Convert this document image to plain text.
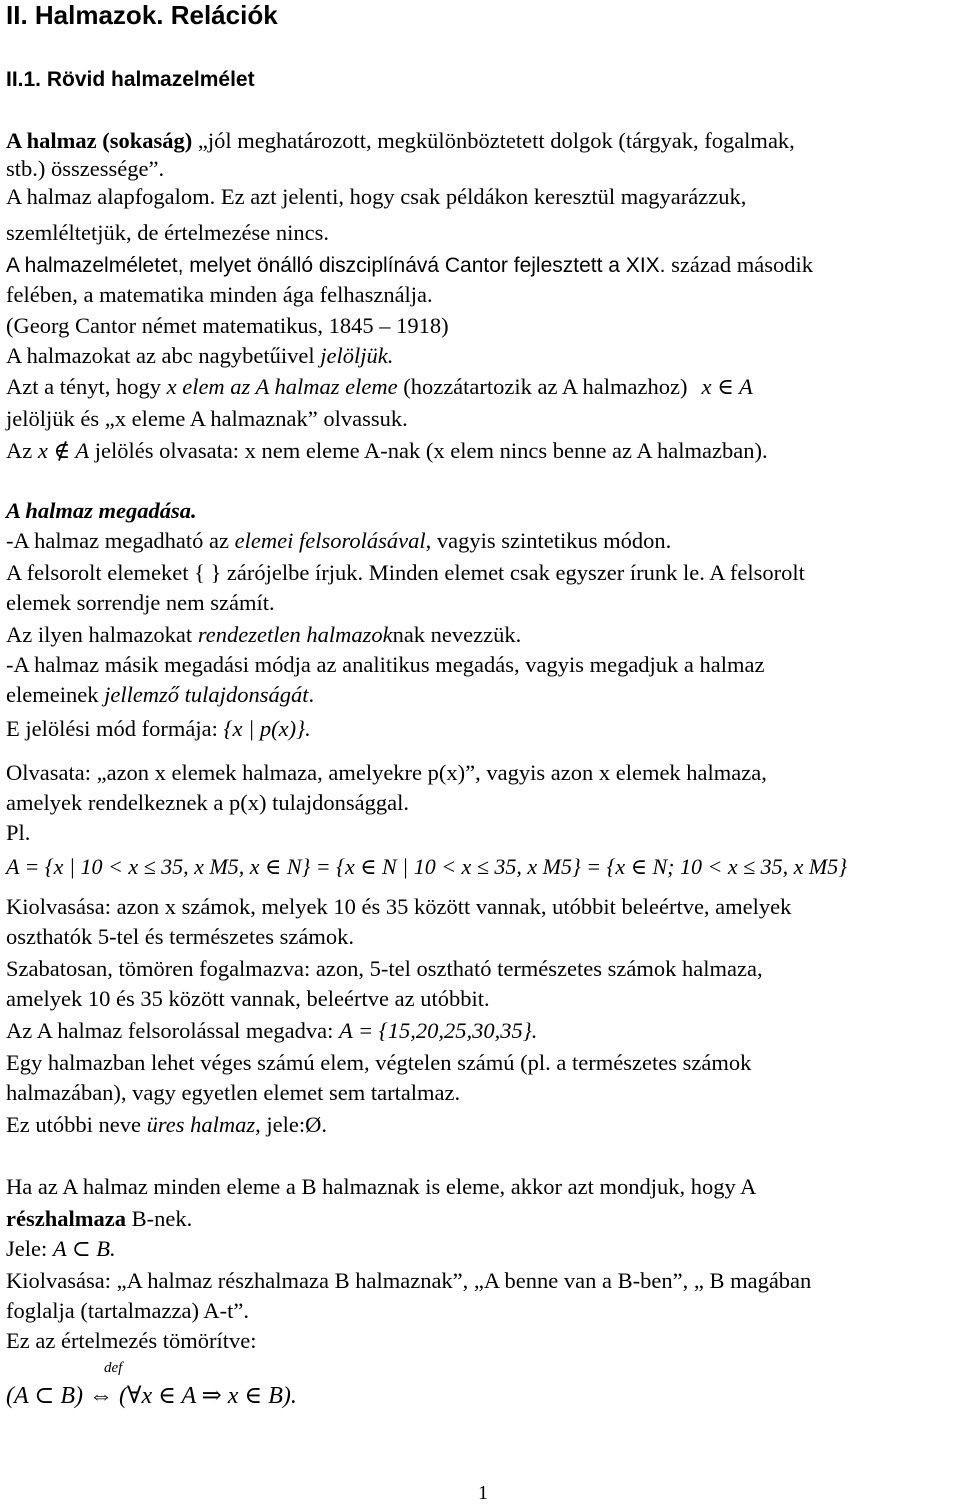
II. Halmazok. Relációk
II.1. Rövid halmazelmélet
A halmaz (sokaság) „jól meghatározott, megkülönböztetett dolgok (tárgyak, fogalmak,
stb.) összessége”.
A halmaz alapfogalom. Ez azt jelenti, hogy csak példákon keresztül magyarázzuk,
szemléltetjük, de értelmezése nincs.
A halmazelméletet, melyet önálló diszciplínává Cantor fejlesztett a XIX. század második
felében, a matematika minden ága felhasználja.
(Georg Cantor német matematikus, 1845 – 1918)
A halmazokat az abc nagybetűivel jelöljük.
Azt a tényt, hogy x elem az A halmaz eleme (hozzátartozik az A halmazhoz) x ∈ A
jelöljük és „x eleme A halmaznak” olvassuk.
Az x ∉ A jelölés olvasata: x nem eleme A-nak (x elem nincs benne az A halmazban).
A halmaz megadása.
-A halmaz megadható az elemei felsorolásával, vagyis szintetikus módon.
A felsorolt elemeket { } zárójelbe írjuk. Minden elemet csak egyszer írunk le. A felsorolt
elemek sorrendje nem számít.
Az ilyen halmazokat rendezetlen halmazoknak nevezzük.
-A halmaz másik megadási módja az analitikus megadás, vagyis megadjuk a halmaz
elemeinek jellemző tulajdonságát.
E jelölési mód formája: {x | p(x)}.
Olvasata: „azon x elemek halmaza, amelyekre p(x)”, vagyis azon x elemek halmaza,
amelyek rendelkeznek a p(x) tulajdonsággal.
Pl.
A = {x | 10 < x ≤ 35, x M5, x ∈ N} = {x ∈ N | 10 < x ≤ 35, x M5} = {x ∈ N; 10 < x ≤ 35, x M5}
Kiolvasása: azon x számok, melyek 10 és 35 között vannak, utóbbit beleértve, amelyek
oszthatók 5-tel és természetes számok.
Szabatosan, tömören fogalmazva: azon, 5-tel osztható természetes számok halmaza,
amelyek 10 és 35 között vannak, beleértve az utóbbit.
Az A halmaz felsorolással megadva: A = {15,20,25,30,35}.
Egy halmazban lehet véges számú elem, végtelen számú (pl. a természetes számok
halmazában), vagy egyetlen elemet sem tartalmaz.
Ez utóbbi neve üres halmaz, jele:Ø.
Ha az A halmaz minden eleme a B halmaznak is eleme, akkor azt mondjuk, hogy A
részhalmaza B-nek.
Jele: A ⊂ B.
Kiolvasása: „A halmaz részhalmaza B halmaznak”, „A benne van a B-ben”, „ B magában
foglalja (tartalmazza) A-t”.
Ez az értelmezés tömörítve:
def
(A ⊂ B) ⇔ (∀x ∈ A ⇒ x ∈ B).
1
